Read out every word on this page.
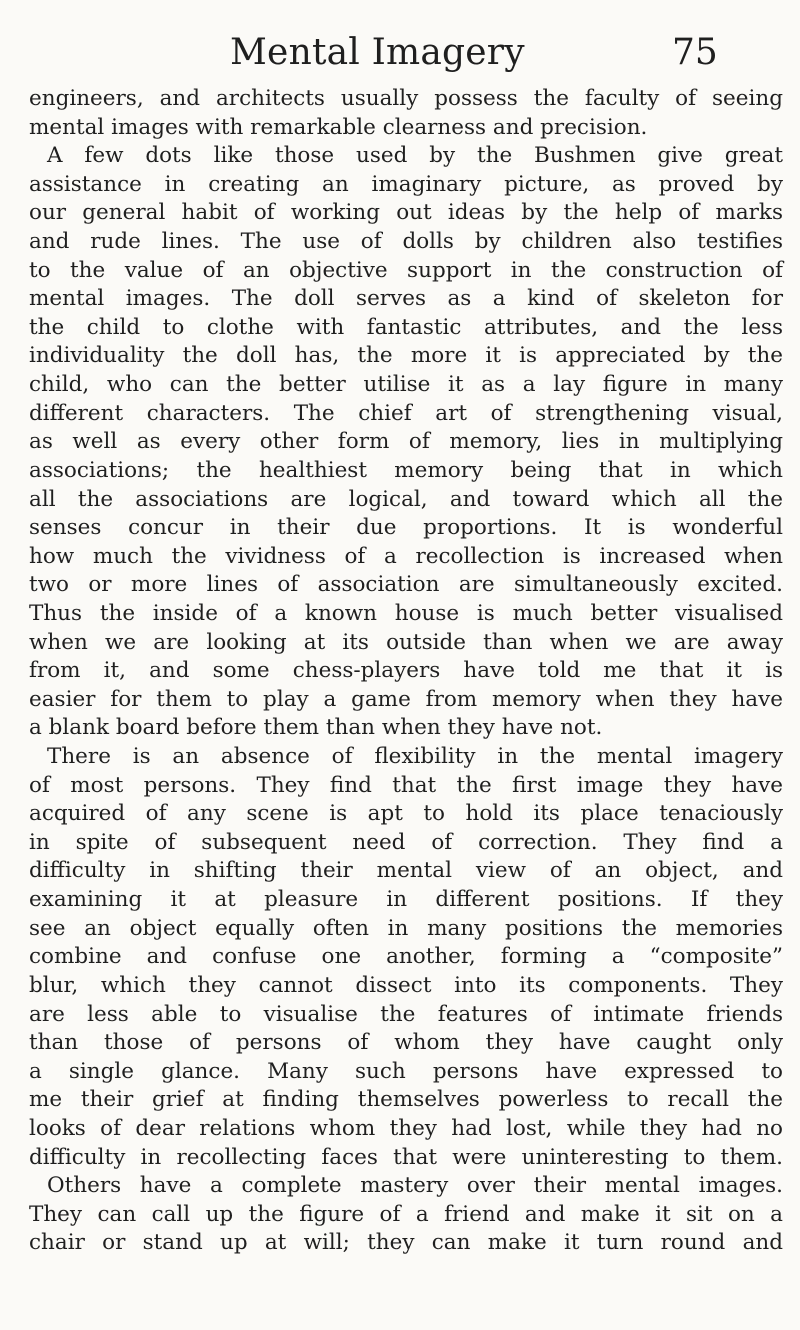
Mental Imagery	75
engineers, and architects usually possess the faculty of seeing
mental images with remarkable clearness and precision.
A few dots like those used by the Bushmen give great
assistance in creating an imaginary picture, as proved by
our general habit of working out ideas by the help of marks
and rude lines. The use of dolls by children also testifies
to the value of an objective support in the construction of
mental images. The doll serves as a kind of skeleton for
the child to clothe with fantastic attributes, and the less
individuality the doll has, the more it is appreciated by the
child, who can the better utilise it as a lay figure in many
different characters. The chief art of strengthening visual,
as well as every other form of memory, lies in multiplying
associations; the healthiest memory being that in which
all the associations are logical, and toward which all the
senses concur in their due proportions. It is wonderful
how much the vividness of a recollection is increased when
two or more lines of association are simultaneously excited.
Thus the inside of a known house is much better visualised
when we are looking at its outside than when we are away
from it, and some chess-players have told me that it is
easier for them to play a game from memory when they have
a blank board before them than when they have not.
There is an absence of flexibility in the mental imagery
of most persons. They find that the first image they have
acquired of any scene is apt to hold its place tenaciously
in spite of subsequent need of correction. They find a
difficulty in shifting their mental view of an object, and
examining it at pleasure in different positions. If they
see an object equally often in many positions the memories
combine and confuse one another, forming a “composite”
blur, which they cannot dissect into its components. They
are less able to visualise the features of intimate friends
than those of persons of whom they have caught only
a single glance. Many such persons have expressed to
me their grief at finding themselves powerless to recall the
looks of dear relations whom they had lost, while they had no
difficulty in recollecting faces that were uninteresting to them.
Others have a complete mastery over their mental images.
They can call up the figure of a friend and make it sit on a
chair or stand up at will; they can make it turn round and
